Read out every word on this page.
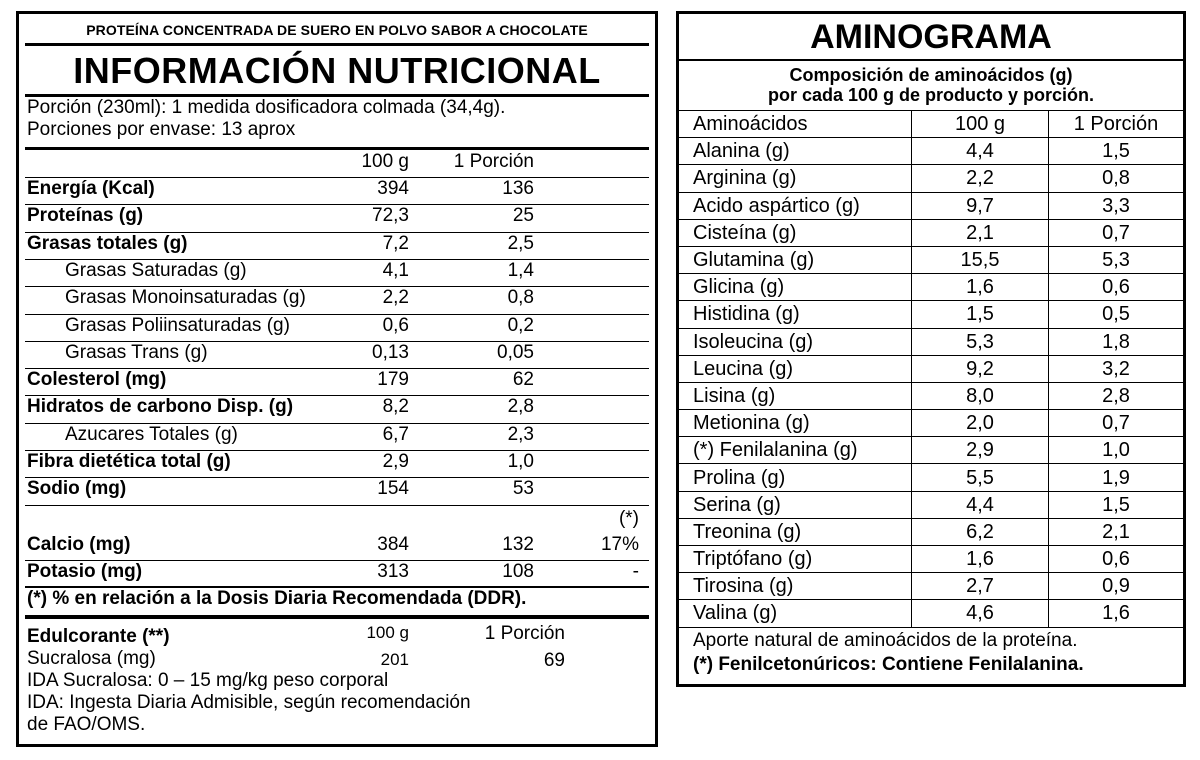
PROTEÍNA CONCENTRADA DE SUERO EN POLVO SABOR A CHOCOLATE
INFORMACIÓN NUTRICIONAL
Porción (230ml): 1 medida dosificadora colmada (34,4g).
Porciones por envase: 13 aprox
100 g	1 Porción
Energía (Kcal)	394	136
Proteínas (g)	72,3	25
Grasas totales (g)	7,2	2,5
Grasas Saturadas (g)	4,1	1,4
Grasas Monoinsaturadas (g)	2,2	0,8
Grasas Poliinsaturadas (g)	0,6	0,2
Grasas Trans (g)	0,13	0,05
Colesterol (mg)	179	62
Hidratos de carbono Disp. (g)	8,2	2,8
Azucares Totales (g)	6,7	2,3
Fibra dietética total (g)	2,9	1,0
Sodio (mg)	154	53
(*)
Calcio (mg)	384	132	17%
Potasio (mg)	313	108	-
(*) % en relación a la Dosis Diaria Recomendada (DDR).
Edulcorante (**)	100 g	1 Porción
Sucralosa (mg)	201	69
IDA Sucralosa: 0 – 15 mg/kg peso corporal
IDA: Ingesta Diaria Admisible, según recomendación
de FAO/OMS.
AMINOGRAMA
Composición de aminoácidos (g)
por cada 100 g de producto y porción.
Aminoácidos	100 g	1 Porción
Alanina (g)	4,4	1,5
Arginina (g)	2,2	0,8
Acido aspártico (g)	9,7	3,3
Cisteína (g)	2,1	0,7
Glutamina (g)	15,5	5,3
Glicina (g)	1,6	0,6
Histidina (g)	1,5	0,5
Isoleucina (g)	5,3	1,8
Leucina (g)	9,2	3,2
Lisina (g)	8,0	2,8
Metionina (g)	2,0	0,7
(*) Fenilalanina (g)	2,9	1,0
Prolina (g)	5,5	1,9
Serina (g)	4,4	1,5
Treonina (g)	6,2	2,1
Triptófano (g)	1,6	0,6
Tirosina (g)	2,7	0,9
Valina (g)	4,6	1,6
Aporte natural de aminoácidos de la proteína.
(*) Fenilcetonúricos: Contiene Fenilalanina.
